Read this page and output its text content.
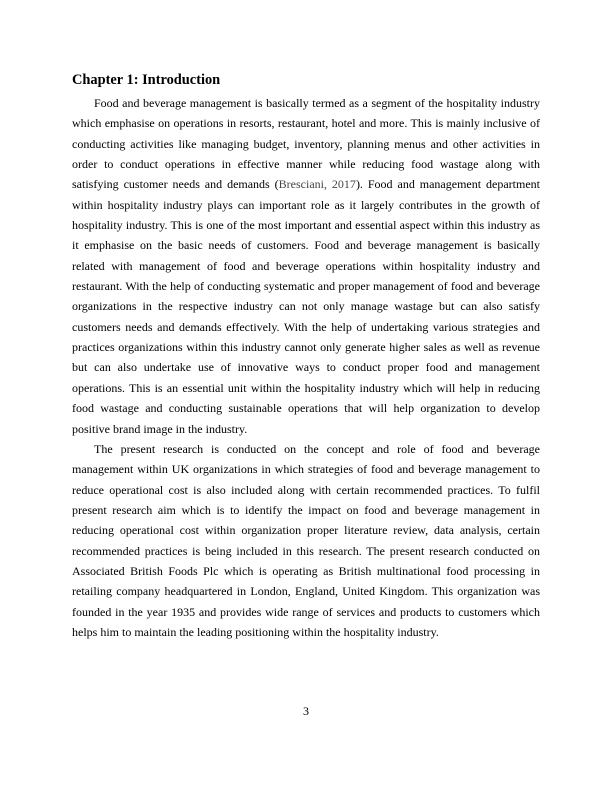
Chapter 1: Introduction

Food and beverage management is basically termed as a segment of the hospitality industry which emphasise on operations in resorts, restaurant, hotel and more. This is mainly inclusive of conducting activities like managing budget, inventory, planning menus and other activities in order to conduct operations in effective manner while reducing food wastage along with satisfying customer needs and demands (Bresciani, 2017). Food and management department within hospitality industry plays can important role as it largely contributes in the growth of hospitality industry. This is one of the most important and essential aspect within this industry as it emphasise on the basic needs of customers. Food and beverage management is basically related with management of food and beverage operations within hospitality industry and restaurant. With the help of conducting systematic and proper management of food and beverage organizations in the respective industry can not only manage wastage but can also satisfy customers needs and demands effectively. With the help of undertaking various strategies and practices organizations within this industry cannot only generate higher sales as well as revenue but can also undertake use of innovative ways to conduct proper food and management operations. This is an essential unit within the hospitality industry which will help in reducing food wastage and conducting sustainable operations that will help organization to develop positive brand image in the industry.

The present research is conducted on the concept and role of food and beverage management within UK organizations in which strategies of food and beverage management to reduce operational cost is also included along with certain recommended practices. To fulfil present research aim which is to identify the impact on food and beverage management in reducing operational cost within organization proper literature review, data analysis, certain recommended practices is being included in this research. The present research conducted on Associated British Foods Plc which is operating as British multinational food processing in retailing company headquartered in London, England, United Kingdom. This organization was founded in the year 1935 and provides wide range of services and products to customers which helps him to maintain the leading positioning within the hospitality industry.

3
